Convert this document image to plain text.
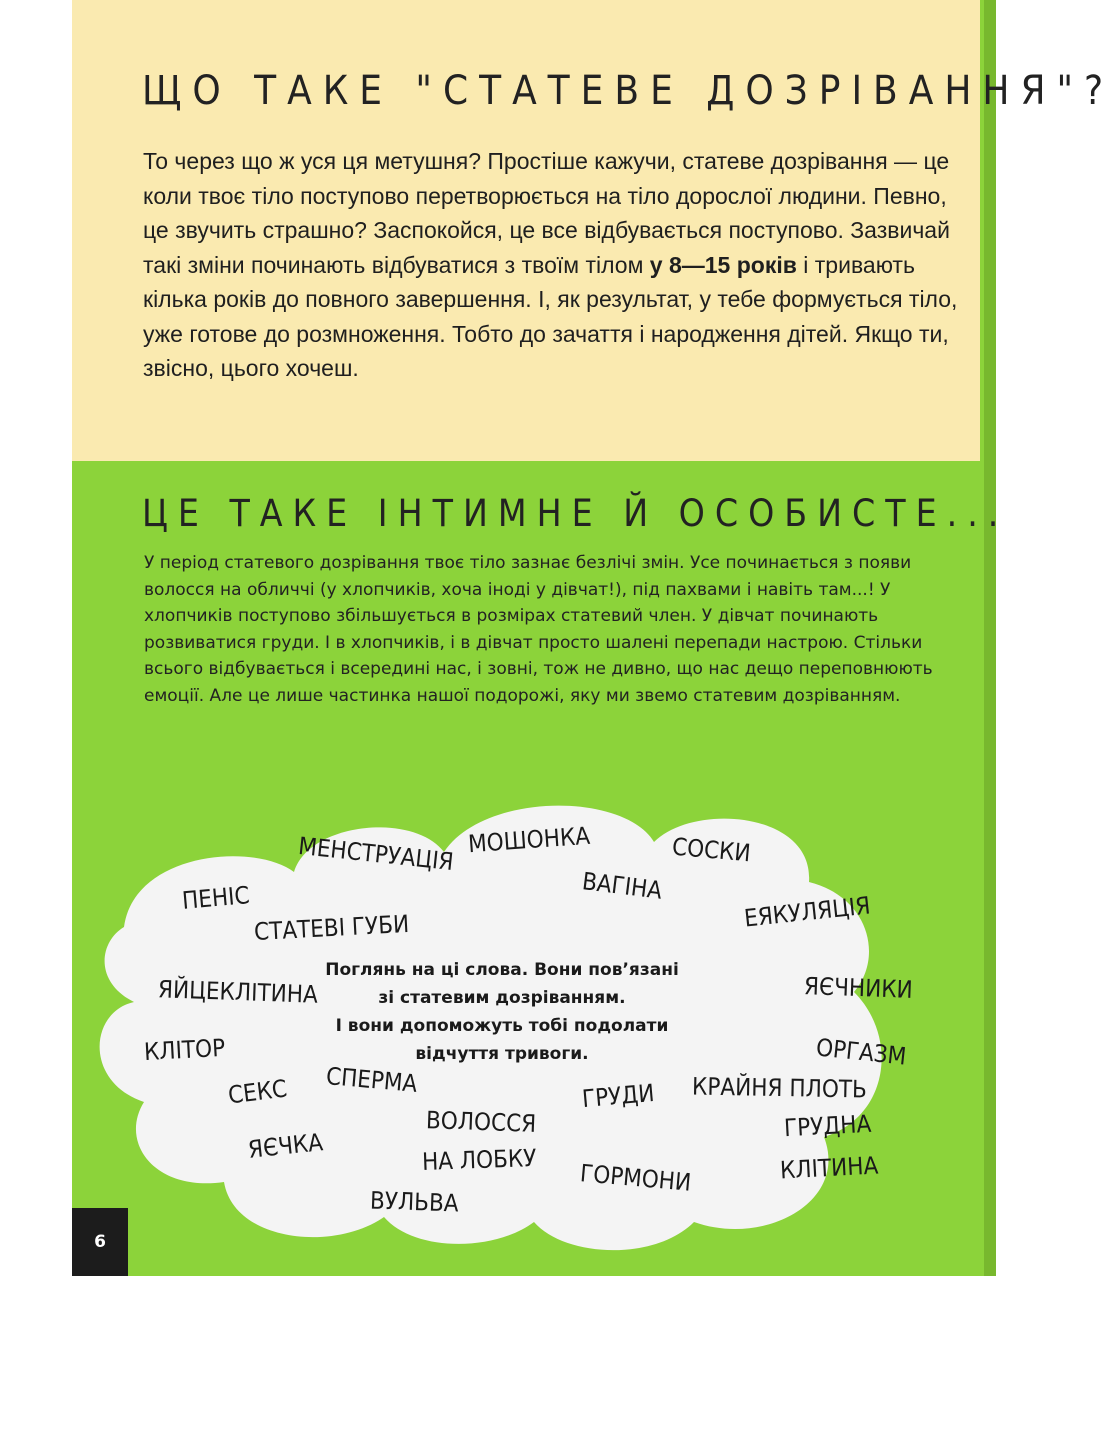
ЩО ТАКЕ "СТАТЕВЕ ДОЗРІВАННЯ"?

То через що ж уся ця метушня? Простіше кажучи, статеве дозрівання — це коли твоє тіло поступово перетворюється на тіло дорослої людини. Певно, це звучить страшно? Заспокойся, це все відбувається поступово. Зазвичай такі зміни починають відбуватися з твоїм тілом у 8—15 років і тривають кілька років до повного завершення. І, як результат, у тебе формується тіло, уже готове до розмноження. Тобто до зачаття і народження дітей. Якщо ти, звісно, цього хочеш.

ЦЕ ТАКЕ ІНТИМНЕ Й ОСОБИСТЕ...

У період статевого дозрівання твоє тіло зазнає безлічі змін. Усе починається з появи волосся на обличчі (у хлопчиків, хоча іноді у дівчат!), під пахвами і навіть там...! У хлопчиків поступово збільшується в розмірах статевий член. У дівчат починають розвиватися груди. І в хлопчиків, і в дівчат просто шалені перепади настрою. Стільки всього відбувається і всередині нас, і зовні, тож не дивно, що нас дещо переповнюють емоції. Але це лише частинка нашої подорожі, яку ми звемо статевим дозріванням.

Поглянь на ці слова. Вони пов’язані
зі статевим дозріванням.
І вони допоможуть тобі подолати
відчуття тривоги.
МЕНСТРУАЦІЯ МОШОНКА	СОСКИ
ПЕНІС	ВАГІНА
СТАТЕВІ ГУБИ	ЕЯКУЛЯЦІЯ
ЯЙЦЕКЛІТИНА	ЯЄЧНИКИ
КЛІТОР	ОРГАЗМ
СЕКС СПЕРМА	ГРУДИ КРАЙНЯ ПЛОТЬ
ВОЛОССЯ
НА ЛОБКУ
ЯЄЧКА
ГРУДНА
КЛІТИНА
ГОРМОНИ
ВУЛЬВА
6
